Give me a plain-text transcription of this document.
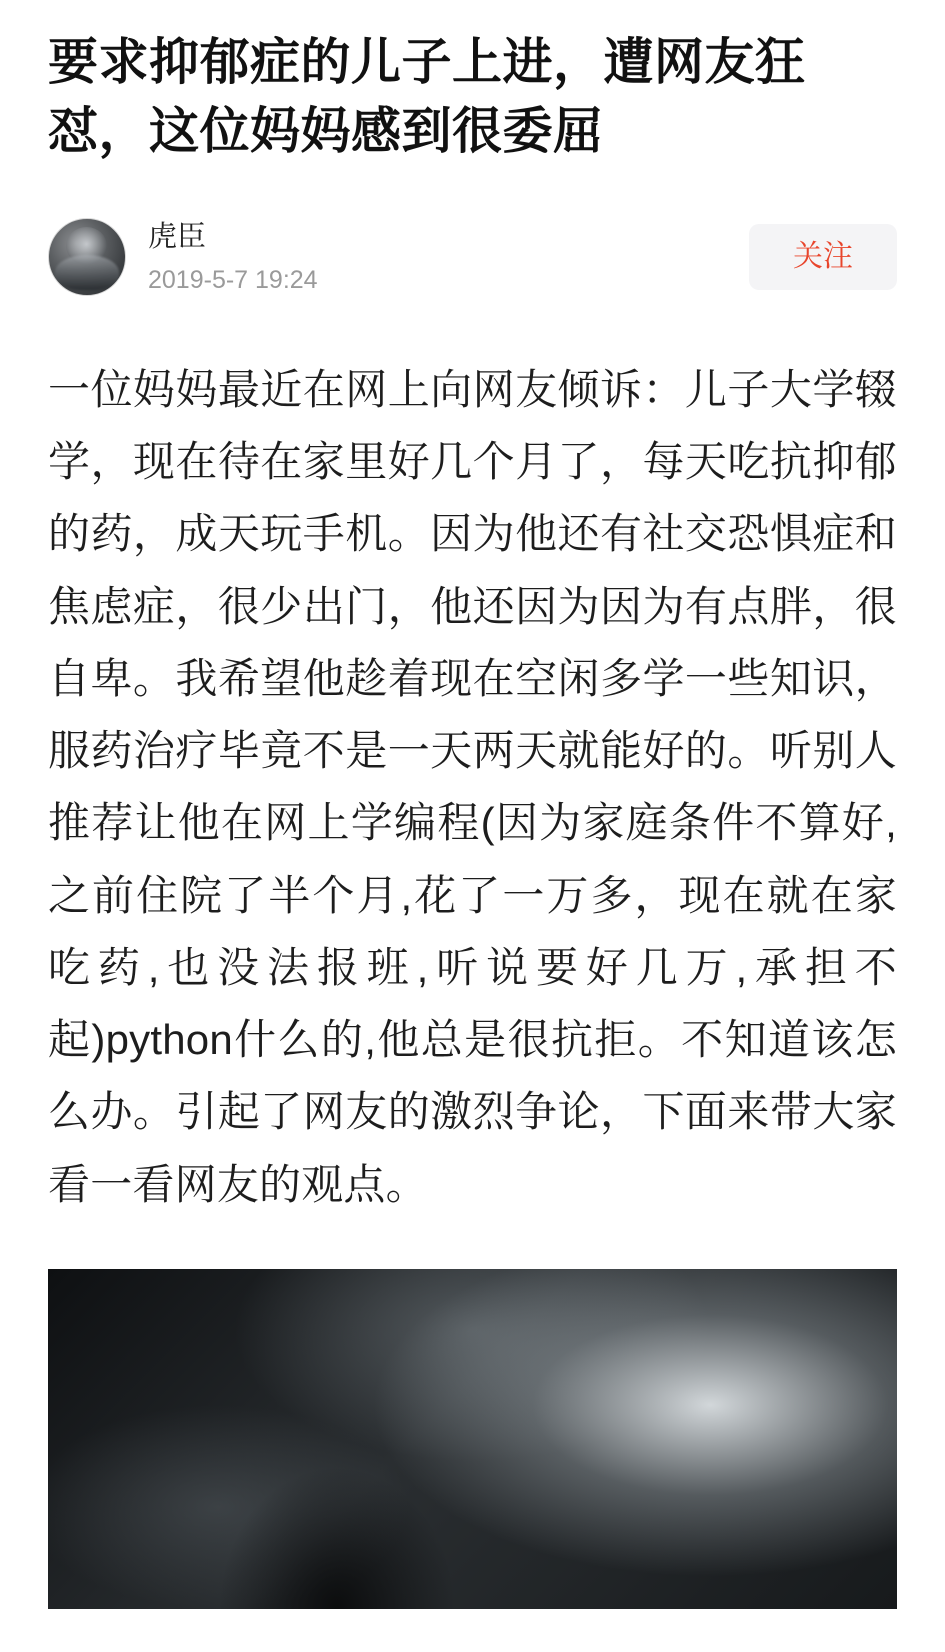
要求抑郁症的儿子上进，遭网友狂怼，这位妈妈感到很委屈
虎臣
2019-5-7 19:24
关注

一位妈妈最近在网上向网友倾诉：儿子大学辍学，现在待在家里好几个月了，每天吃抗抑郁的药，成天玩手机。因为他还有社交恐惧症和焦虑症，很少出门，他还因为因为有点胖，很自卑。我希望他趁着现在空闲多学一些知识，服药治疗毕竟不是一天两天就能好的。听别人推荐让他在网上学编程(因为家庭条件不算好,之前住院了半个月,花了一万多，现在就在家吃药,也没法报班,听说要好几万,承担不起)python什么的,他总是很抗拒。不知道该怎么办。引起了网友的激烈争论，下面来带大家看一看网友的观点。
